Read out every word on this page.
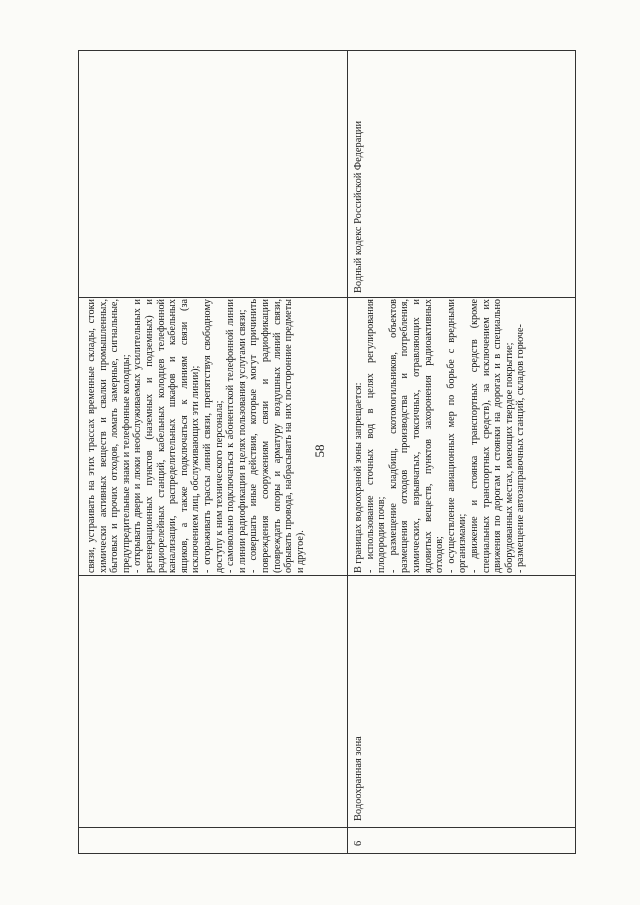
58

связи, устраивать на этих трассах временные склады, стоки химически активных веществ и свалки промышленных, бытовых и прочих отходов, ломать замерные, сигнальные, предупредительные знаки и телефонные колодцы; - открывать двери и люки необслуживаемых усилительных и регенерационных пунктов (наземных и подземных) и радиорелейных станций, кабельных колодцев телефонной канализации, распределительных шкафов и кабельных ящиков, а также подключаться к линиям связи (за исключением лиц, обслуживающих эти линии); - огораживать трассы линий связи, препятствуя свободному доступу к ним технического персонала; - самовольно подключаться к абонентской телефонной линии и линии радиофикации в целях пользования услугами связи; - совершать иные действия, которые могут причинить повреждения сооружениям связи и радиофикации (повреждать опоры и арматуру воздушных линий связи, обрывать провода, набрасывать на них посторонние предметы и другое).

6
Водоохранная зона

В границах водоохраной зоны запрещается: - использование сточных вод в целях регулирования плодородия почв; - размещение кладбищ, скотомогильников, объектов размещения отходов производства и потребления, химических, взрывчатых, токсичных, отравляющих и ядовитых веществ, пунктов захоронения радиоактивных отходов; - осуществление авиационных мер по борьбе с вредными организмами; - движение и стоянка транспортных средств (кроме специальных транспортных средств), за исключением их движения по дорогам и стоянки на дорогах и в специально оборудованных местах, имеющих твердое покрытие; - размещение автозаправочных станций, складов горюче-

Водный кодекс Российской Федерации
